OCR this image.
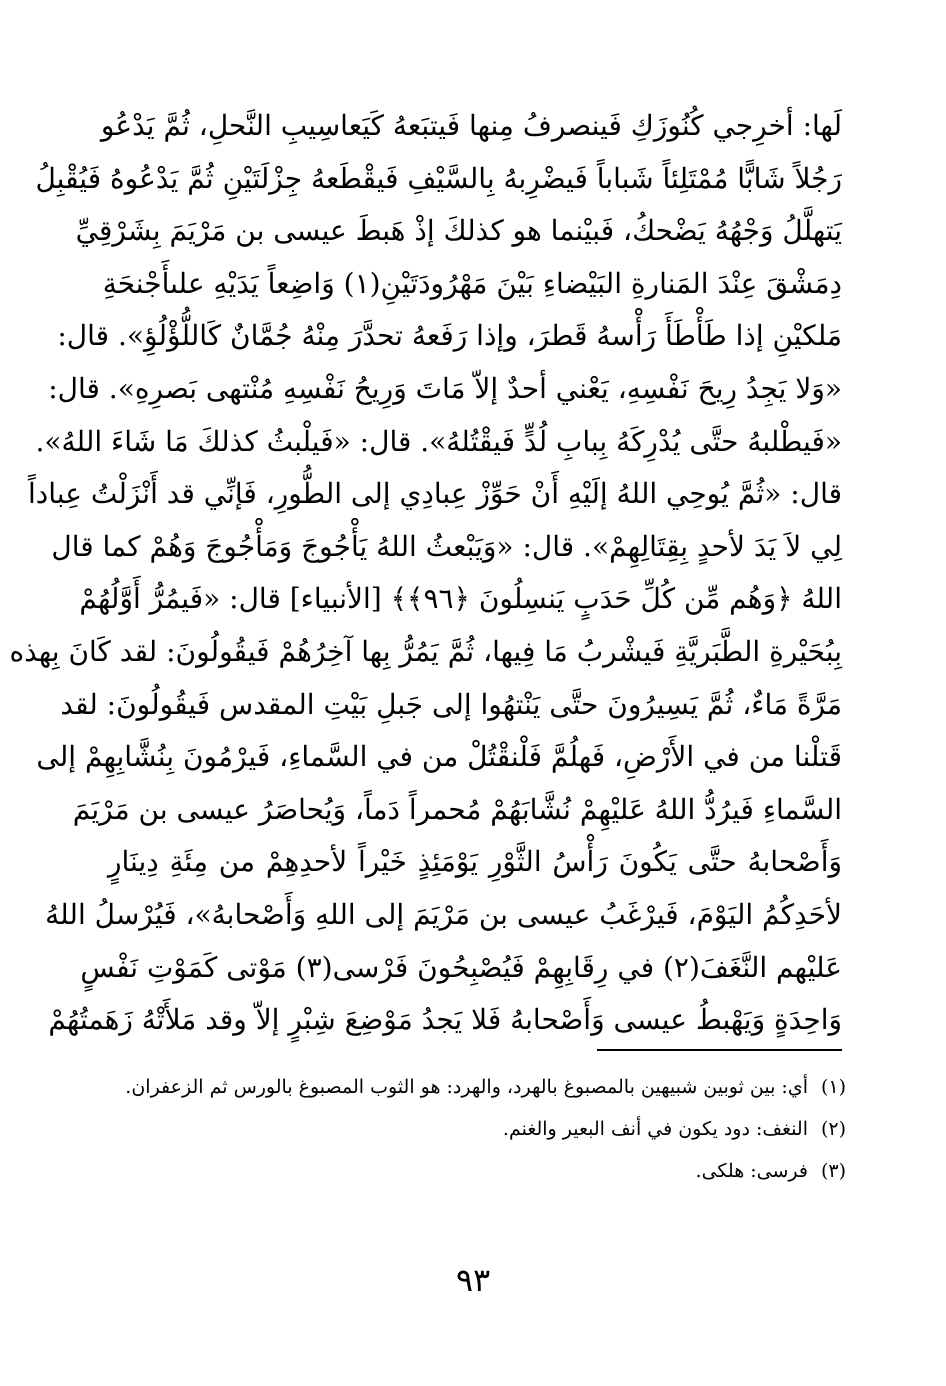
لَها: أخرِجي كُنُوزَكِ فَينصرفُ مِنها فَيتبَعهُ كَيَعاسِيبِ النَّحلِ، ثُمَّ يَدْعُو
رَجُلاً شَابًّا مُمْتَلِئاً شَباباً فَيضْرِبهُ بِالسَّيْفِ فَيقْطَعهُ جِزْلَتَيْنِ ثُمَّ يَدْعُوهُ فَيُقْبِلُ
يَتهلَّلُ وَجْهُهُ يَضْحكُ، فَبيْنما هو كذلكَ إذْ هَبطَ عيسى بن مَرْيَمَ بِشَرْقِيِّ
دِمَشْقَ عِنْدَ المَنارةِ البَيْضاءِ بَيْنَ مَهْرُودَتَيْنِ(١) وَاضِعاً يَدَيْهِ علىأَجْنحَةِ
مَلكيْنِ إذا طَأْطَأَ رَأْسهُ قَطرَ، وإذا رَفَعهُ تحدَّرَ مِنْهُ جُمَّانٌ كَاللُّؤْلُؤِ». قال:
«وَلا يَجِدُ رِيحَ نَفْسِهِ، يَعْني أحدٌ إلاّ مَاتَ وَرِيحُ نَفْسِهِ مُنْتهى بَصرِهِ». قال:
«فَيطْلبهُ حتَّى يُدْرِكَهُ بِبابِ لُدٍّ فَيقْتُلهُ». قال: «فَيلْبثُ كذلكَ مَا شَاءَ اللهُ».
قال: «ثُمَّ يُوحِي اللهُ إلَيْهِ أَنْ حَوِّزْ عِبادِي إلى الطُّورِ، فَإنِّي قد أَنْزَلْتُ عِباداً
لِي لاَ يَدَ لأحدٍ بِقِتَالِهِمْ». قال: «وَيَبْعثُ اللهُ يَأْجُوجَ وَمَأْجُوجَ وَهُمْ كما قال
اللهُ ﴿وَهُم مِّن كُلِّ حَدَبٍ يَنسِلُونَ ﴿٩٦﴾﴾ [الأنبياء] قال: «فَيمُرُّ أَوَّلُهُمْ
بِبُحَيْرةِ الطَّبَريَّةِ فَيشْربُ مَا فِيها، ثُمَّ يَمُرُّ بِها آخِرُهُمْ فَيقُولُونَ: لقد كَانَ بِهذه
مَرَّةً مَاءٌ، ثُمَّ يَسِيرُونَ حتَّى يَنْتهُوا إلى جَبلِ بَيْتِ المقدس فَيقُولُونَ: لقد
قَتلْنا من في الأَرْضِ، فَهلُمَّ فَلْنقْتُلْ من في السَّماءِ، فَيرْمُونَ بِنُشَّابِهِمْ إلى
السَّماءِ فَيرُدُّ اللهُ عَليْهِمْ نُشَّابَهُمْ مُحمراً دَماً، وَيُحاصَرُ عيسى بن مَرْيَمَ
وَأَصْحابهُ حتَّى يَكُونَ رَأْسُ الثَّوْرِ يَوْمَئِذٍ خَيْراً لأحدِهِمْ من مِئَةِ دِينَارٍ
لأحَدِكُمُ اليَوْمَ، فَيرْغَبُ عيسى بن مَرْيَمَ إلى اللهِ وَأَصْحابهُ»، فَيُرْسلُ اللهُ
عَليْهم النَّغَفَ(٢) في رِقَابِهِمْ فَيُصْبِحُونَ فَرْسى(٣) مَوْتى كَمَوْتِ نَفْسٍ
وَاحِدَةٍ وَيَهْبطُ عيسى وَأَصْحابهُ فَلا يَجدُ مَوْضِعَ شِبْرٍ إلاّ وقد مَلأَتْهُ زَهَمتُهُمْ
(١)
أي: بين ثوبين شبيهين بالمصبوغ بالهرد، والهرد: هو الثوب المصبوغ بالورس ثم الزعفران.
(٢)
النغف: دود يكون في أنف البعير والغنم.
(٣)
فرسى: هلكى.
٩٣
